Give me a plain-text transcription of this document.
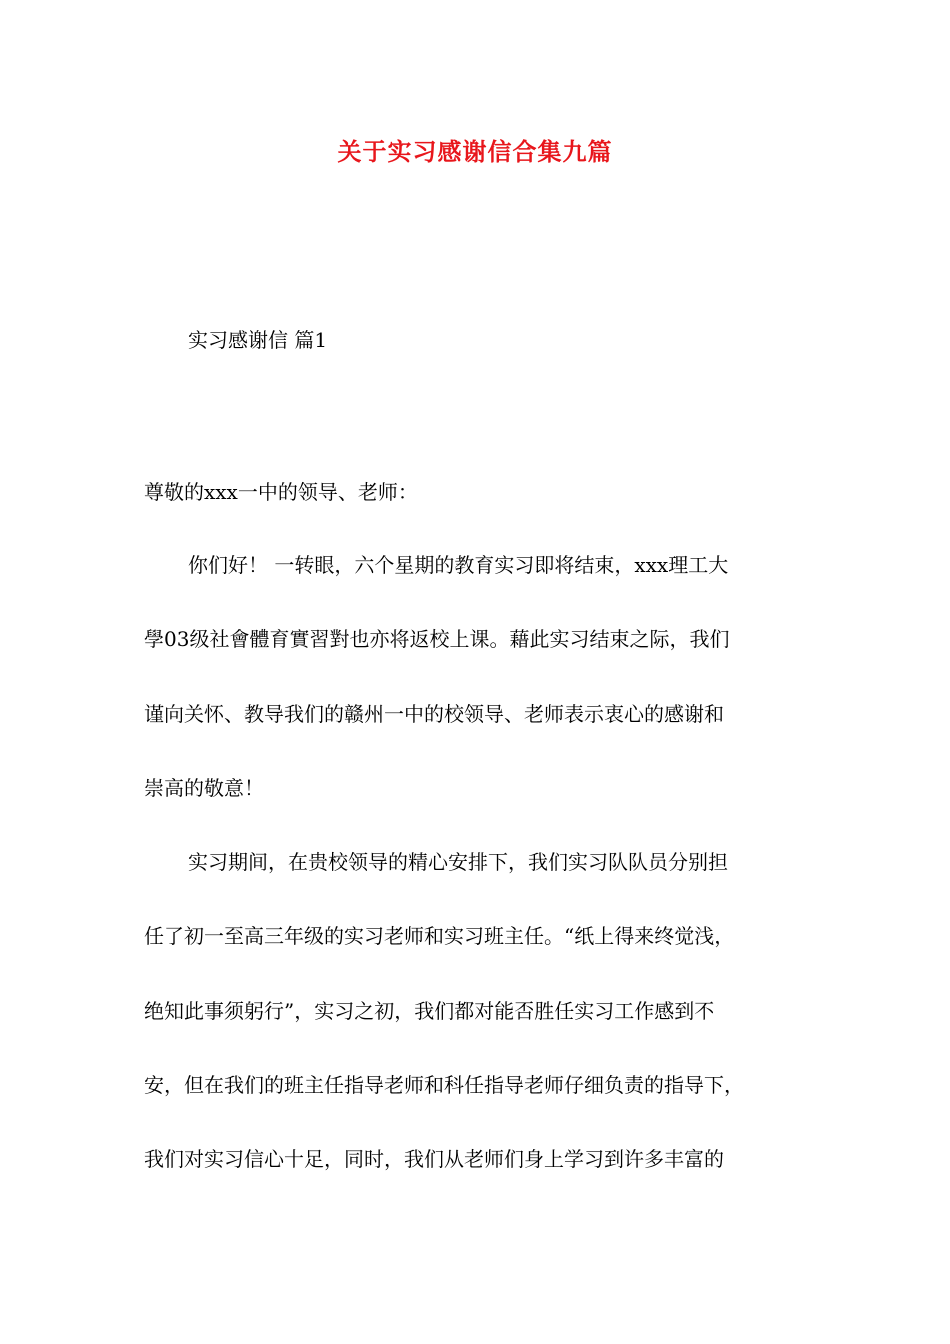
关于实习感谢信合集九篇

实习感谢信 篇1

尊敬的xxx一中的领导、老师：

你们好！ 一转眼，六个星期的教育实习即将结束，xxx理工大

學03级社會體育實習對也亦将返校上课。藉此实习结束之际，我们

谨向关怀、教导我们的赣州一中的校领导、老师表示衷心的感谢和

崇高的敬意！

实习期间，在贵校领导的精心安排下，我们实习队队员分别担

任了初一至高三年级的实习老师和实习班主任。“纸上得来终觉浅，

绝知此事须躬行”，实习之初，我们都对能否胜任实习工作感到不

安，但在我们的班主任指导老师和科任指导老师仔细负责的指导下，

我们对实习信心十足，同时，我们从老师们身上学习到许多丰富的
